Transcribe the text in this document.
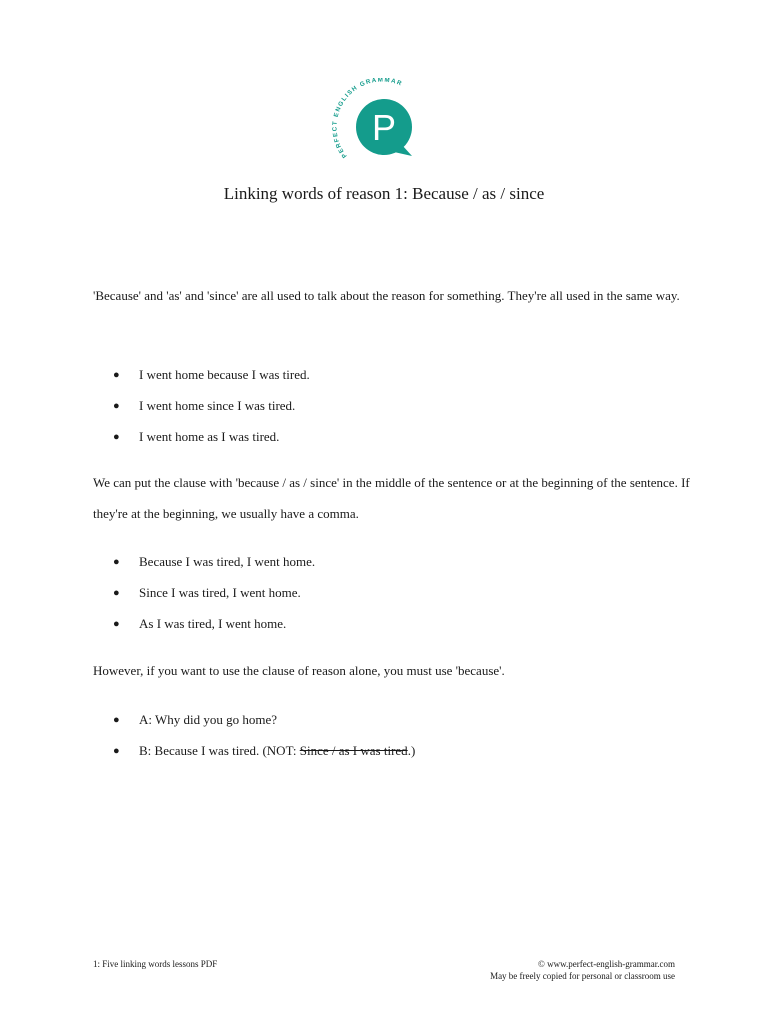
PERFECT ENGLISH GRAMMAR
P
Linking words of reason 1: Because / as / since

'Because' and 'as' and 'since' are all used to talk about the reason for something. They're all used in the same way.

● I went home because I was tired.
● I went home since I was tired.
● I went home as I was tired.

We can put the clause with 'because / as / since' in the middle of the sentence or at the beginning of the sentence. If they're at the beginning, we usually have a comma.

● Because I was tired, I went home.
● Since I was tired, I went home.
● As I was tired, I went home.

However, if you want to use the clause of reason alone, you must use 'because'.

● A: Why did you go home?
● B: Because I was tired. (NOT: Since / as I was tired.)
1: Five linking words lessons PDF	© www.perfect-english-grammar.com
May be freely copied for personal or classroom use
